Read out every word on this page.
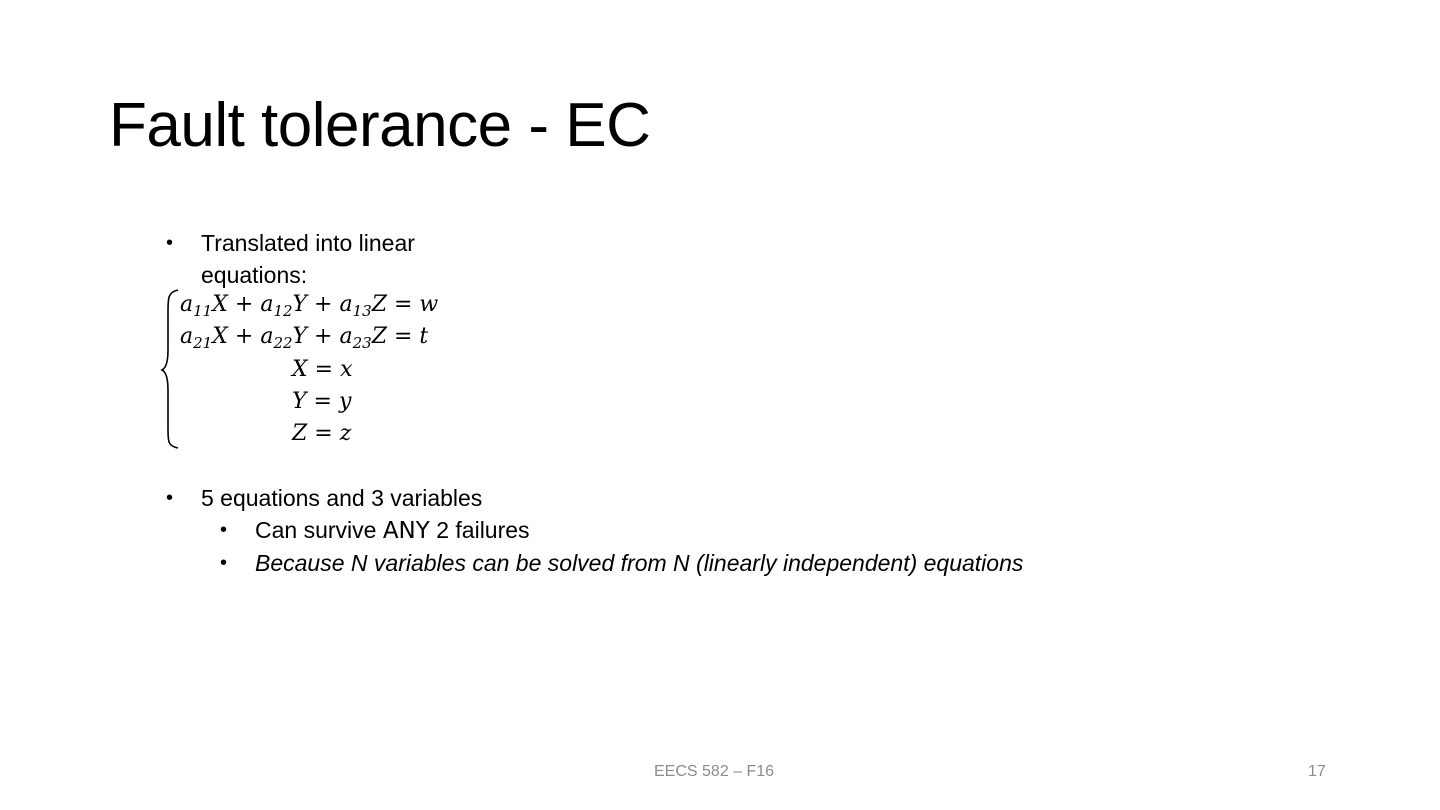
Fault tolerance - EC
• Translated into linear
equations:
$a_{11}X + a_{12}Y + a_{13}Z = w$
$a_{21}X + a_{22}Y + a_{23}Z = t$
X = x
Y = y
Z = z
• 5 equations and 3 variables
• Can survive ANY 2 failures
• Because N variables can be solved from N (linearly independent) equations
EECS 582 – F16	17
